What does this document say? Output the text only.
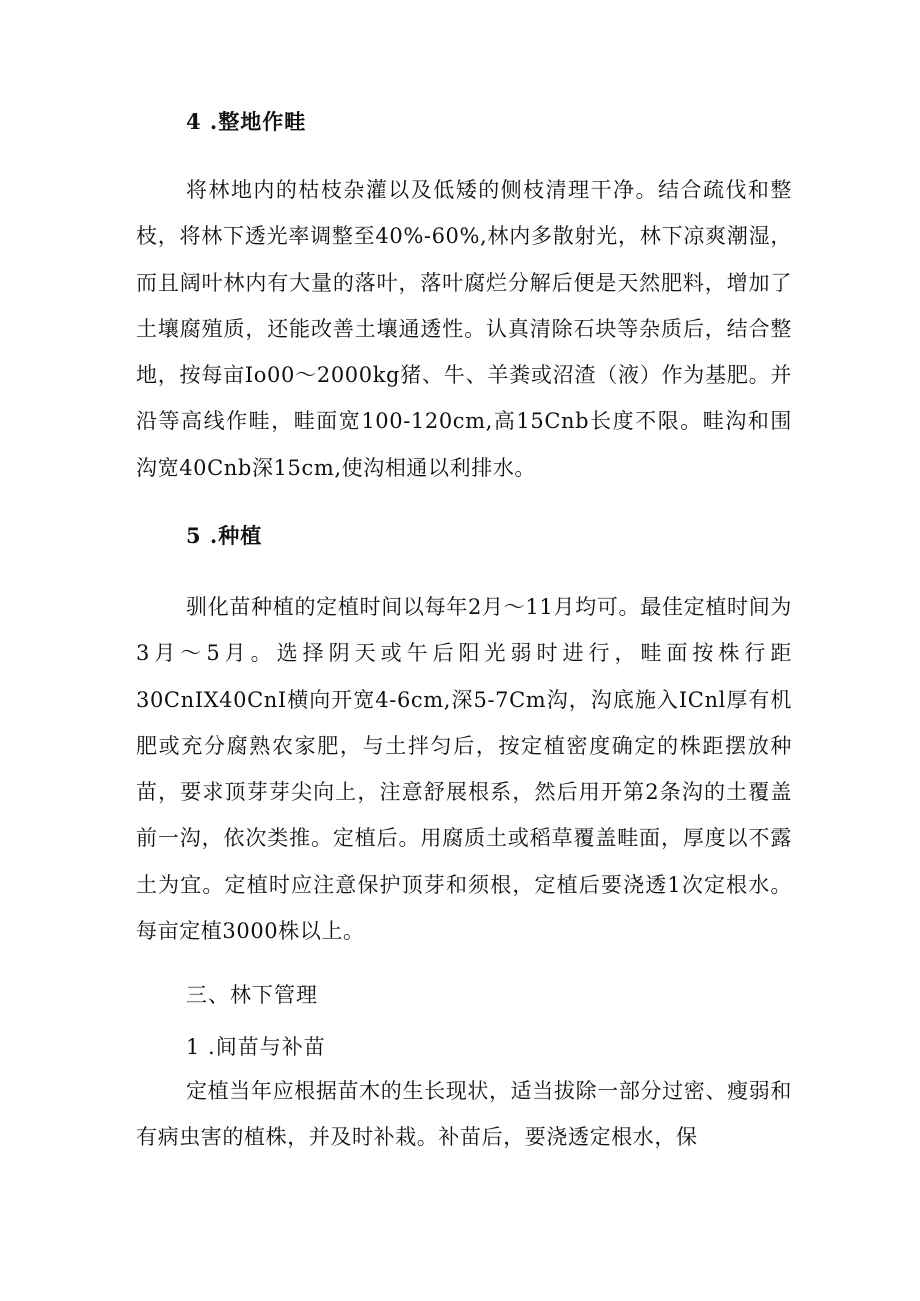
4 .整地作畦

将林地内的枯枝杂灌以及低矮的侧枝清理干净。结合疏伐和整枝，将林下透光率调整至40%-60%,林内多散射光，林下凉爽潮湿，而且阔叶林内有大量的落叶，落叶腐烂分解后便是天然肥料，增加了土壤腐殖质，还能改善土壤通透性。认真清除石块等杂质后，结合整地，按每亩Io00～2000kg猪、牛、羊粪或沼渣（液）作为基肥。并沿等高线作畦，畦面宽100-120cm,高15Cnb长度不限。畦沟和围沟宽40Cnb深15cm,使沟相通以利排水。

5 .种植

驯化苗种植的定植时间以每年2月～11月均可。最佳定植时间为3月～5月。选择阴天或午后阳光弱时进行，畦面按株行距30CnIX40CnI横向开宽4-6cm,深5-7Cm沟，沟底施入ICnl厚有机肥或充分腐熟农家肥，与土拌匀后，按定植密度确定的株距摆放种苗，要求顶芽芽尖向上，注意舒展根系，然后用开第2条沟的土覆盖前一沟，依次类推。定植后。用腐质土或稻草覆盖畦面，厚度以不露土为宜。定植时应注意保护顶芽和须根，定植后要浇透1次定根水。每亩定植3000株以上。

三、林下管理
1 .间苗与补苗

定植当年应根据苗木的生长现状，适当拔除一部分过密、瘦弱和有病虫害的植株，并及时补栽。补苗后，要浇透定根水，保
